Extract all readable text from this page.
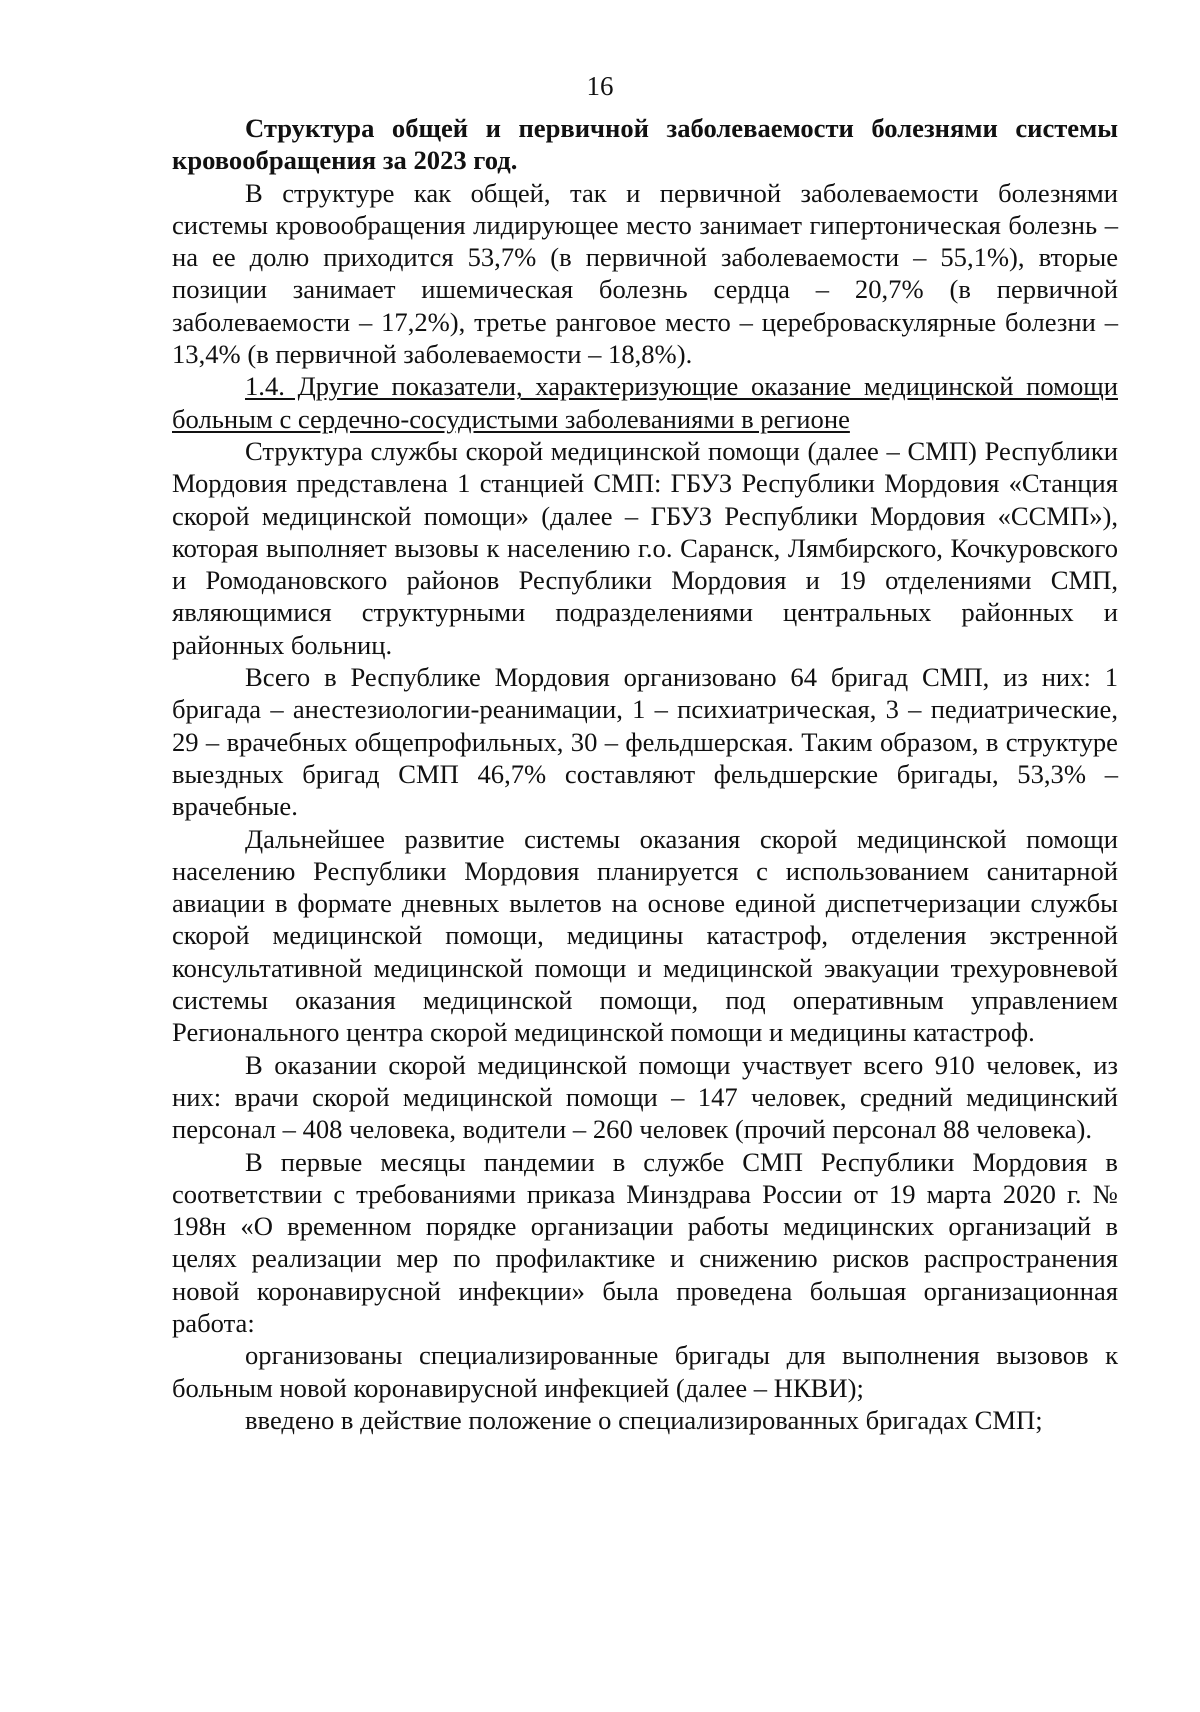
16

Структура общей и первичной заболеваемости болезнями системы кровообращения за 2023 год.

В структуре как общей, так и первичной заболеваемости болезнями системы кровообращения лидирующее место занимает гипертоническая болезнь – на ее долю приходится 53,7% (в первичной заболеваемости – 55,1%), вторые позиции занимает ишемическая болезнь сердца – 20,7% (в первичной заболеваемости – 17,2%), третье ранговое место – цереброваскулярные болезни – 13,4% (в первичной заболеваемости – 18,8%).

1.4. Другие показатели, характеризующие оказание медицинской помощи больным с сердечно-сосудистыми заболеваниями в регионе

Структура службы скорой медицинской помощи (далее – СМП) Республики Мордовия представлена 1 станцией СМП: ГБУЗ Республики Мордовия «Станция скорой медицинской помощи» (далее – ГБУЗ Республики Мордовия «ССМП»), которая выполняет вызовы к населению г.о. Саранск, Лямбирского, Кочкуровского и Ромодановского районов Республики Мордовия и 19 отделениями СМП, являющимися структурными подразделениями центральных районных и районных больниц.

Всего в Республике Мордовия организовано 64 бригад СМП, из них: 1 бригада – анестезиологии-реанимации, 1 – психиатрическая, 3 – педиатрические, 29 – врачебных общепрофильных, 30 – фельдшерская. Таким образом, в структуре выездных бригад СМП 46,7% составляют фельдшерские бригады, 53,3% – врачебные.

Дальнейшее развитие системы оказания скорой медицинской помощи населению Республики Мордовия планируется с использованием санитарной авиации в формате дневных вылетов на основе единой диспетчеризации службы скорой медицинской помощи, медицины катастроф, отделения экстренной консультативной медицинской помощи и медицинской эвакуации трехуровневой системы оказания медицинской помощи, под оперативным управлением Регионального центра скорой медицинской помощи и медицины катастроф.

В оказании скорой медицинской помощи участвует всего 910 человек, из них: врачи скорой медицинской помощи – 147 человек, средний медицинский персонал – 408 человека, водители – 260 человек (прочий персонал 88 человека).

В первые месяцы пандемии в службе СМП Республики Мордовия в соответствии с требованиями приказа Минздрава России от 19 марта 2020 г. № 198н «О временном порядке организации работы медицинских организаций в целях реализации мер по профилактике и снижению рисков распространения новой коронавирусной инфекции» была проведена большая организационная работа:

организованы специализированные бригады для выполнения вызовов к больным новой коронавирусной инфекцией (далее – НКВИ);

введено в действие положение о специализированных бригадах СМП;
